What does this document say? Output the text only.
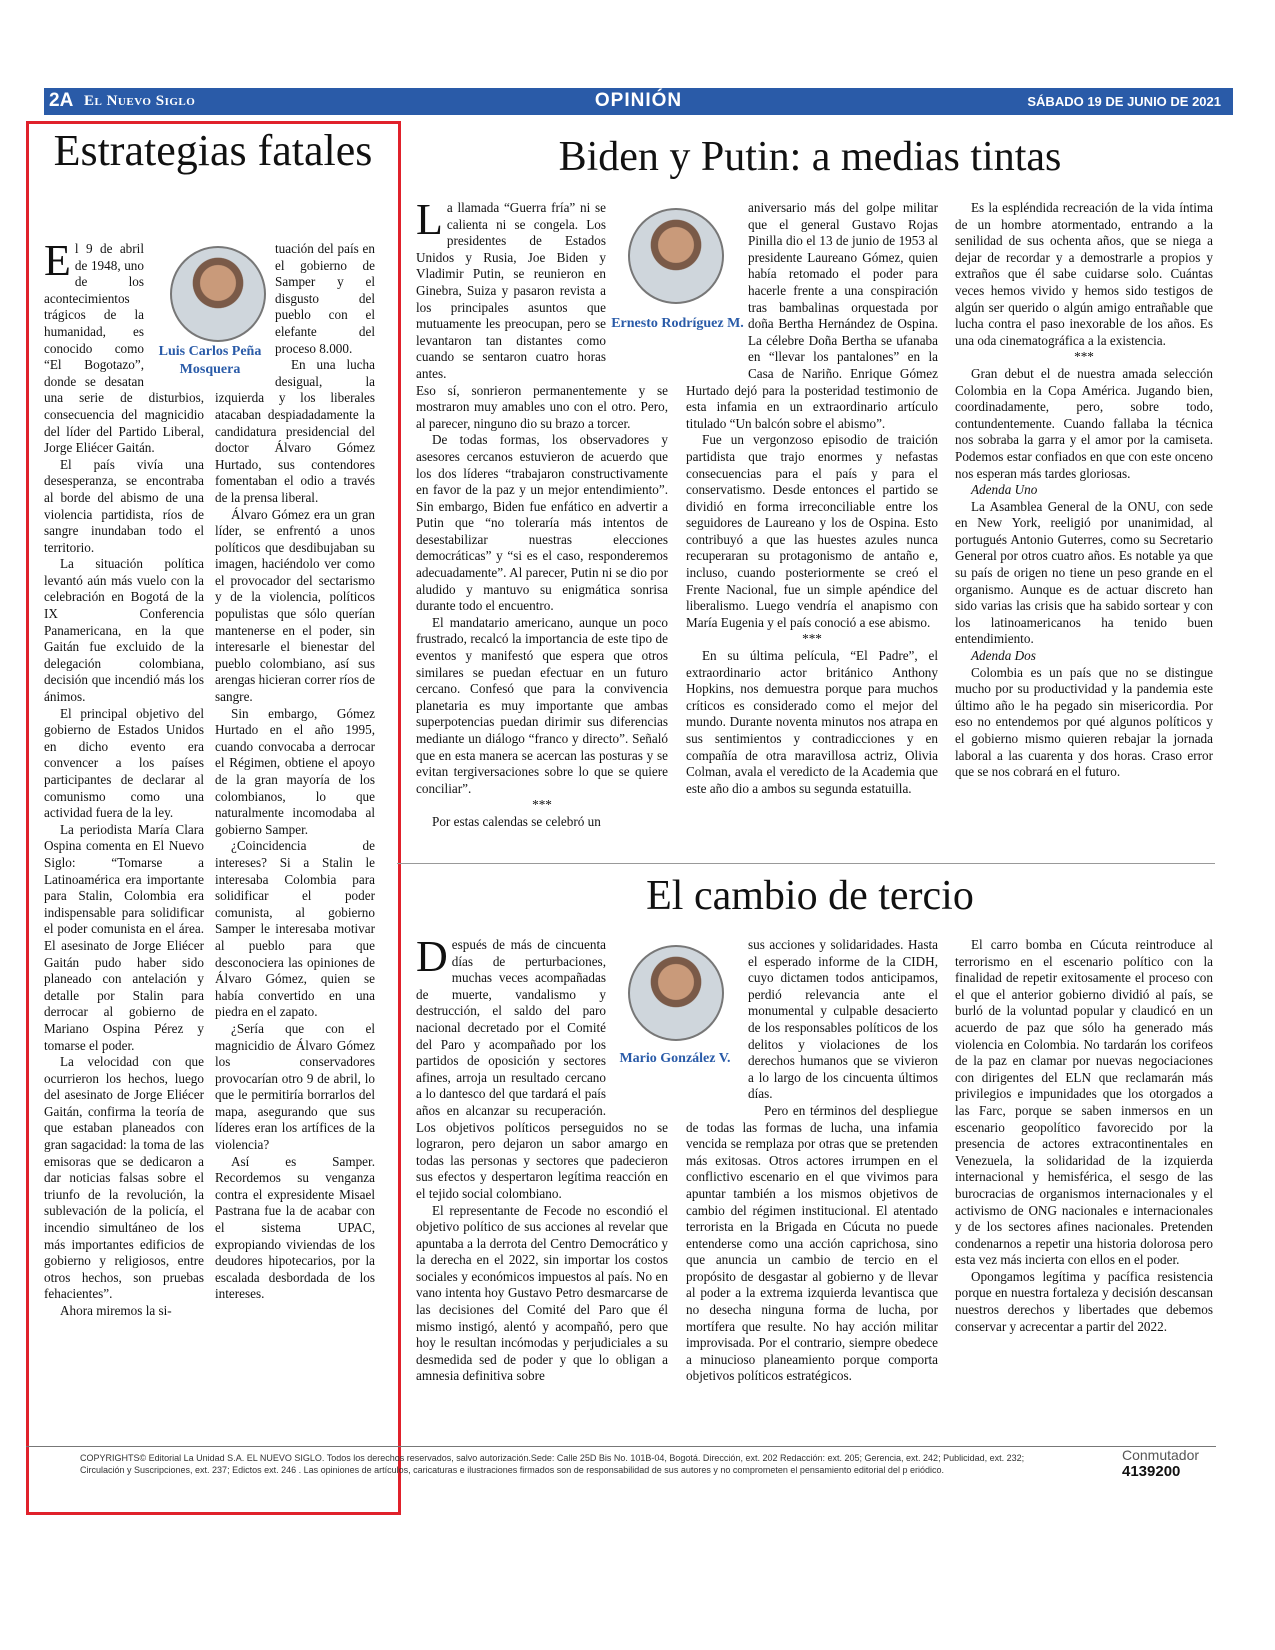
2A El Nuevo Siglo	OPINIÓN	SÁBADO 19 DE JUNIO DE 2021
Estrategias fatales
Luis Carlos Peña Mosquera

El 9 de abril de 1948, uno de los acontecimientos trágicos de la humanidad, es conocido como “El Bogotazo”, donde se desatan una serie de disturbios, consecuencia del magnicidio del líder del Partido Liberal, Jorge Eliécer Gaitán.

El país vivía una desesperanza, se encontraba al borde del abismo de una violencia partidista, ríos de sangre inundaban todo el territorio.

La situación política levantó aún más vuelo con la celebración en Bogotá de la IX Conferencia Panamericana, en la que Gaitán fue excluido de la delegación colombiana, decisión que incendió más los ánimos.

El principal objetivo del gobierno de Estados Unidos en dicho evento era convencer a los países participantes de declarar al comunismo como una actividad fuera de la ley.

La periodista María Clara Ospina comenta en El Nuevo Siglo: “Tomarse a Latinoamérica era importante para Stalin, Colombia era indispensable para solidificar el poder comunista en el área. El asesinato de Jorge Eliécer Gaitán pudo haber sido planeado con antelación y detalle por Stalin para derrocar al gobierno de Mariano Ospina Pérez y tomarse el poder.

La velocidad con que ocurrieron los hechos, luego del asesinato de Jorge Eliécer Gaitán, confirma la teoría de que estaban planeados con gran sagacidad: la toma de las emisoras que se dedicaron a dar noticias falsas sobre el triunfo de la revolución, la sublevación de la policía, el incendio simultáneo de los más importantes edificios de gobierno y religiosos, entre otros hechos, son pruebas fehacientes”.

Ahora miremos la si-

tuación del país en el gobierno de Samper y el disgusto del pueblo con el elefante del proceso 8.000.

En una lucha desigual, la izquierda y los liberales atacaban despiadadamente la candidatura presidencial del doctor Álvaro Gómez Hurtado, sus contendores fomentaban el odio a través de la prensa liberal.

Álvaro Gómez era un gran líder, se enfrentó a unos políticos que desdibujaban su imagen, haciéndolo ver como el provocador del sectarismo y de la violencia, políticos populistas que sólo querían mantenerse en el poder, sin interesarle el bienestar del pueblo colombiano, así sus arengas hicieran correr ríos de sangre.

Sin embargo, Gómez Hurtado en el año 1995, cuando convocaba a derrocar el Régimen, obtiene el apoyo de la gran mayoría de los colombianos, lo que naturalmente incomodaba al gobierno Samper.

¿Coincidencia de intereses? Si a Stalin le interesaba Colombia para solidificar el poder comunista, al gobierno Samper le interesaba motivar al pueblo para que desconociera las opiniones de Álvaro Gómez, quien se había convertido en una piedra en el zapato.

¿Sería que con el magnicidio de Álvaro Gómez los conservadores provocarían otro 9 de abril, lo que le permitiría borrarlos del mapa, asegurando que sus líderes eran los artífices de la violencia?

Así es Samper. Recordemos su venganza contra el expresidente Misael Pastrana fue la de acabar con el sistema UPAC, expropiando viviendas de los deudores hipotecarios, por la escalada desbordada de los intereses.

Biden y Putin: a medias tintas
Ernesto Rodríguez M.

La llamada “Guerra fría” ni se calienta ni se congela. Los presidentes de Estados Unidos y Rusia, Joe Biden y Vladimir Putin, se reunieron en Ginebra, Suiza y pasaron revista a los principales asuntos que mutuamente les preocupan, pero se levantaron tan distantes como cuando se sentaron cuatro horas antes.

Eso sí, sonrieron permanentemente y se mostraron muy amables uno con el otro. Pero, al parecer, ninguno dio su brazo a torcer.

De todas formas, los observadores y asesores cercanos estuvieron de acuerdo que los dos líderes “trabajaron constructivamente en favor de la paz y un mejor entendimiento”. Sin embargo, Biden fue enfático en advertir a Putin que “no toleraría más intentos de desestabilizar nuestras elecciones democráticas” y “si es el caso, responderemos adecuadamente”. Al parecer, Putin ni se dio por aludido y mantuvo su enigmática sonrisa durante todo el encuentro.

El mandatario americano, aunque un poco frustrado, recalcó la importancia de este tipo de eventos y manifestó que espera que otros similares se puedan efectuar en un futuro cercano. Confesó que para la convivencia planetaria es muy importante que ambas superpotencias puedan dirimir sus diferencias mediante un diálogo “franco y directo”. Señaló que en esta manera se acercan las posturas y se evitan tergiversaciones sobre lo que se quiere conciliar”.

***

Por estas calendas se celebró un

aniversario más del golpe militar que el general Gustavo Rojas Pinilla dio el 13 de junio de 1953 al presidente Laureano Gómez, quien había retomado el poder para hacerle frente a una conspiración tras bambalinas orquestada por doña Bertha Hernández de Ospina. La célebre Doña Bertha se ufanaba en “llevar los pantalones” en la Casa de Nariño. Enrique Gómez Hurtado dejó para la posteridad testimonio de esta infamia en un extraordinario artículo titulado “Un balcón sobre el abismo”.

Fue un vergonzoso episodio de traición partidista que trajo enormes y nefastas consecuencias para el país y para el conservatismo. Desde entonces el partido se dividió en forma irreconciliable entre los seguidores de Laureano y los de Ospina. Esto contribuyó a que las huestes azules nunca recuperaran su protagonismo de antaño e, incluso, cuando posteriormente se creó el Frente Nacional, fue un simple apéndice del liberalismo. Luego vendría el anapismo con María Eugenia y el país conoció a ese abismo.

***

En su última película, “El Padre”, el extraordinario actor británico Anthony Hopkins, nos demuestra porque para muchos críticos es considerado como el mejor del mundo. Durante noventa minutos nos atrapa en sus sentimientos y contradicciones y en compañía de otra maravillosa actriz, Olivia Colman, avala el veredicto de la Academia que este año dio a ambos su segunda estatuilla.

Es la espléndida recreación de la vida íntima de un hombre atormentado, entrando a la senilidad de sus ochenta años, que se niega a dejar de recordar y a demostrarle a propios y extraños que él sabe cuidarse solo. Cuántas veces hemos vivido y hemos sido testigos de algún ser querido o algún amigo entrañable que lucha contra el paso inexorable de los años. Es una oda cinematográfica a la existencia.

***

Gran debut el de nuestra amada selección Colombia en la Copa América. Jugando bien, coordinadamente, pero, sobre todo, contundentemente. Cuando fallaba la técnica nos sobraba la garra y el amor por la camiseta. Podemos estar confiados en que con este onceno nos esperan más tardes gloriosas.

Adenda Uno

La Asamblea General de la ONU, con sede en New York, reeligió por unanimidad, al portugués Antonio Guterres, como su Secretario General por otros cuatro años. Es notable ya que su país de origen no tiene un peso grande en el organismo. Aunque es de actuar discreto han sido varias las crisis que ha sabido sortear y con los latinoamericanos ha tenido buen entendimiento.

Adenda Dos

Colombia es un país que no se distingue mucho por su productividad y la pandemia este último año le ha pegado sin misericordia. Por eso no entendemos por qué algunos políticos y el gobierno mismo quieren rebajar la jornada laboral a las cuarenta y dos horas. Craso error que se nos cobrará en el futuro.

El cambio de tercio
Mario González V.

Después de más de cincuenta días de perturbaciones, muchas veces acompañadas de muerte, vandalismo y destrucción, el saldo del paro nacional decretado por el Comité del Paro y acompañado por los partidos de oposición y sectores afines, arroja un resultado cercano a lo dantesco del que tardará el país años en alcanzar su recuperación. Los objetivos políticos perseguidos no se lograron, pero dejaron un sabor amargo en todas las personas y sectores que padecieron sus efectos y despertaron legítima reacción en el tejido social colombiano.

El representante de Fecode no escondió el objetivo político de sus acciones al revelar que apuntaba a la derrota del Centro Democrático y la derecha en el 2022, sin importar los costos sociales y económicos impuestos al país. No en vano intenta hoy Gustavo Petro desmarcarse de las decisiones del Comité del Paro que él mismo instigó, alentó y acompañó, pero que hoy le resultan incómodas y perjudiciales a su desmedida sed de poder y que lo obligan a amnesia definitiva sobre

sus acciones y solidaridades. Hasta el esperado informe de la CIDH, cuyo dictamen todos anticipamos, perdió relevancia ante el monumental y culpable desacierto de los responsables políticos de los delitos y violaciones de los derechos humanos que se vivieron a lo largo de los cincuenta últimos días.

Pero en términos del despliegue de todas las formas de lucha, una infamia vencida se remplaza por otras que se pretenden más exitosas. Otros actores irrumpen en el conflictivo escenario en el que vivimos para apuntar también a los mismos objetivos de cambio del régimen institucional. El atentado terrorista en la Brigada en Cúcuta no puede entenderse como una acción caprichosa, sino que anuncia un cambio de tercio en el propósito de desgastar al gobierno y de llevar al poder a la extrema izquierda levantisca que no desecha ninguna forma de lucha, por mortífera que resulte. No hay acción militar improvisada. Por el contrario, siempre obedece a minucioso planeamiento porque comporta objetivos políticos estratégicos.

El carro bomba en Cúcuta reintroduce al terrorismo en el escenario político con la finalidad de repetir exitosamente el proceso con el que el anterior gobierno dividió al país, se burló de la voluntad popular y claudicó en un acuerdo de paz que sólo ha generado más violencia en Colombia. No tardarán los corifeos de la paz en clamar por nuevas negociaciones con dirigentes del ELN que reclamarán más privilegios e impunidades que los otorgados a las Farc, porque se saben inmersos en un escenario geopolítico favorecido por la presencia de actores extracontinentales en Venezuela, la solidaridad de la izquierda internacional y hemisférica, el sesgo de las burocracias de organismos internacionales y el activismo de ONG nacionales e internacionales y de los sectores afines nacionales. Pretenden condenarnos a repetir una historia dolorosa pero esta vez más incierta con ellos en el poder.

Opongamos legítima y pacífica resistencia porque en nuestra fortaleza y decisión descansan nuestros derechos y libertades que debemos conservar y acrecentar a partir del 2022.

COPYRIGHTS© Editorial La Unidad S.A. EL NUEVO SIGLO. Todos los derechos reservados, salvo autorización.Sede: Calle 25D Bis No. 101B-04, Bogotá. Dirección, ext. 202 Redacción: ext. 205; Gerencia, ext. 242; Publicidad, ext. 232;
Circulación y Suscripciones, ext. 237; Edictos ext. 246 . Las opiniones de artículos, caricaturas e ilustraciones firmados son de responsabilidad de sus autores y no comprometen el pensamiento editorial del p eriódico.
Conmutador
4139200
